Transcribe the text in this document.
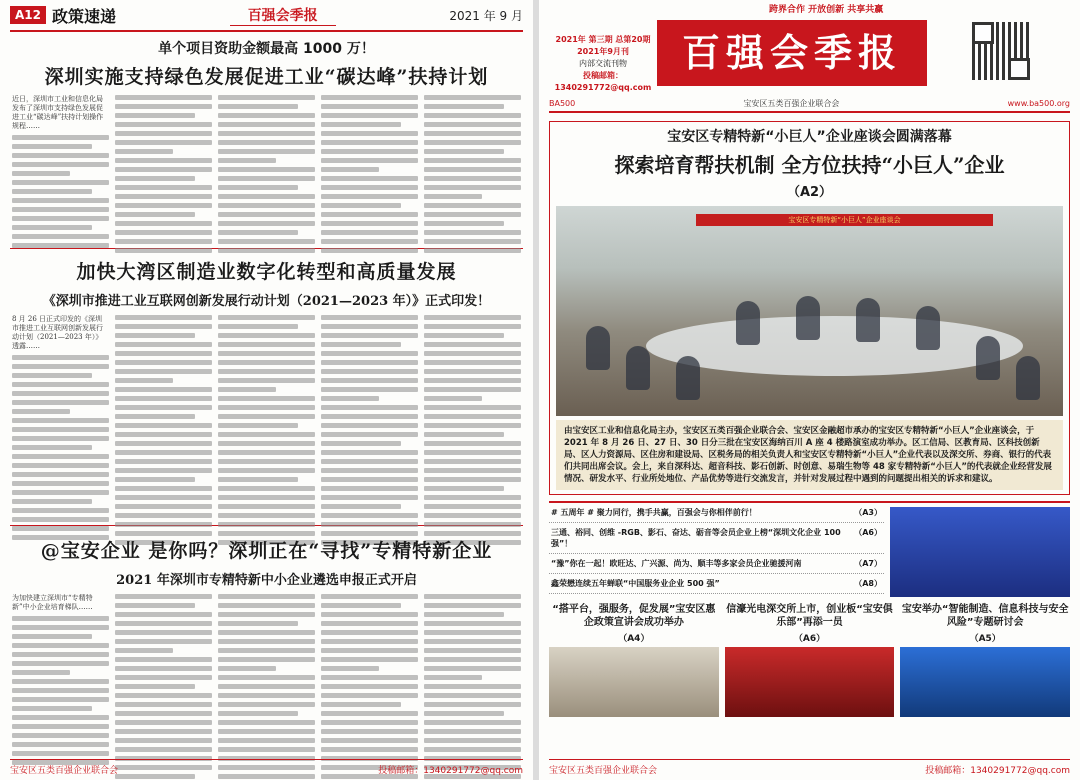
A12 政策速递	百强会季报	2021 年 9 月
单个项目资助金额最高 1000 万！
深圳实施支持绿色发展促进工业“碳达峰”扶持计划
近日，深圳市工业和信息化局发布了深圳市支持绿色发展促进工业“碳达峰”扶持计划操作规程……
加快大湾区制造业数字化转型和高质量发展
《深圳市推进工业互联网创新发展行动计划（2021—2023 年）》正式印发！
8 月 26 日正式印发的《深圳市推进工业互联网创新发展行动计划（2021—2023 年）》透露……
@宝安企业 是你吗？深圳正在“寻找”专精特新企业
2021 年深圳市专精特新中小企业遴选申报正式开启
为加快建立深圳市“专精特新”中小企业培育梯队……
宝安区五类百强企业联合会	投稿邮箱：1340291772@qq.com
跨界合作 开放创新 共享共赢
2021年 第三期 总第20期
2021年9月刊
内部交流刊物
投稿邮箱：1340291772@qq.com
百强会季报
BA500	宝安区五类百强企业联合会	www.ba500.org
宝安区专精特新“小巨人”企业座谈会圆满落幕
探索培育帮扶机制 全方位扶持“小巨人”企业
（A2）
宝安区专精特新“小巨人”企业座谈会
由宝安区工业和信息化局主办，宝安区五类百强企业联合会、宝安区金融超市承办的宝安区专精特新“小巨人”企业座谈会，于 2021 年 8 月 26 日、27 日、30 日分三批在宝安区海纳百川 A 座 4 楼路演室成功举办。区工信局、区教育局、区科技创新局、区人力资源局、区住房和建设局、区税务局的相关负责人和宝安区专精特新“小巨人”企业代表以及深交所、券商、银行的代表们共同出席会议。会上，来自深科达、超音科技、影石创新、时创意、易瑞生物等 48 家专精特新“小巨人”的代表就企业经营发展情况、研发水平、行业所处地位、产品优势等进行交流发言，并针对发展过程中遇到的问题提出相关的诉求和建议。
# 五周年 # 聚力同行，携手共赢，百强会与你相伴前行！	（A3）
三通、裕同、创维 -RGB、影石、奋达、砺音等会员企业上榜“深圳文化企业 100 强”！
（A6）
“豫”你在一起！欧旺达、广兴源、尚为、顺丰等多家会员企业驰援河南	（A7）
鑫荣懋连续五年蝉联“中国服务业企业 500 强”	（A8）
“搭平台，强服务，促发展”宝安区惠企政策宣讲会成功举办
（A4）
信濠光电深交所上市，创业板“宝安俱乐部”再添一员
（A6）
宝安举办“智能制造、信息科技与安全风险”专题研讨会
（A5）
宝安区五类百强企业联合会	投稿邮箱：1340291772@qq.com
